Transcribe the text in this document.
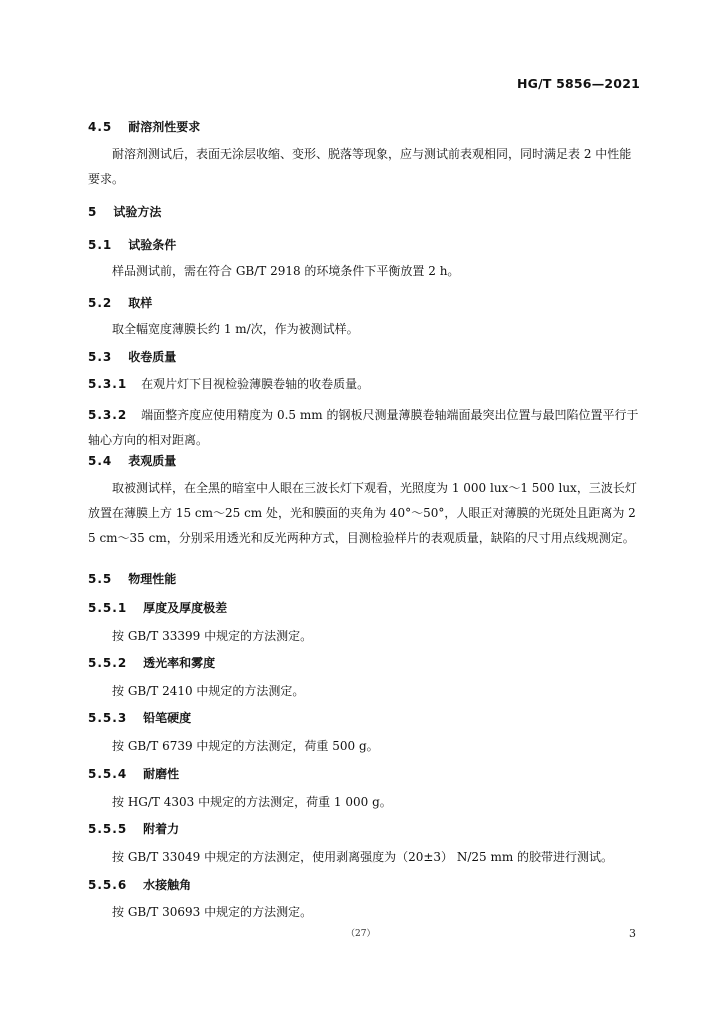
HG/T 5856—2021
4.5 耐溶剂性要求
耐溶剂测试后，表面无涂层收缩、变形、脱落等现象，应与测试前表观相同，同时满足表 2 中性能要求。
5 试验方法
5.1 试验条件
样品测试前，需在符合 GB/T 2918 的环境条件下平衡放置 2 h。
5.2 取样
取全幅宽度薄膜长约 1 m/次，作为被测试样。
5.3 收卷质量
5.3.1 在观片灯下目视检验薄膜卷轴的收卷质量。
5.3.2 端面整齐度应使用精度为 0.5 mm 的钢板尺测量薄膜卷轴端面最突出位置与最凹陷位置平行于轴心方向的相对距离。
5.4 表观质量
取被测试样，在全黑的暗室中人眼在三波长灯下观看，光照度为 1 000 lux～1 500 lux，三波长灯放置在薄膜上方 15 cm～25 cm 处，光和膜面的夹角为 40°～50°，人眼正对薄膜的光斑处且距离为 25 cm～35 cm，分别采用透光和反光两种方式，目测检验样片的表观质量，缺陷的尺寸用点线规测定。
5.5 物理性能
5.5.1 厚度及厚度极差
按 GB/T 33399 中规定的方法测定。
5.5.2 透光率和雾度
按 GB/T 2410 中规定的方法测定。
5.5.3 铅笔硬度
按 GB/T 6739 中规定的方法测定，荷重 500 g。
5.5.4 耐磨性
按 HG/T 4303 中规定的方法测定，荷重 1 000 g。
5.5.5 附着力
按 GB/T 33049 中规定的方法测定，使用剥离强度为（20±3） N/25 mm 的胶带进行测试。
5.5.6 水接触角
按 GB/T 30693 中规定的方法测定。
（27）	3
